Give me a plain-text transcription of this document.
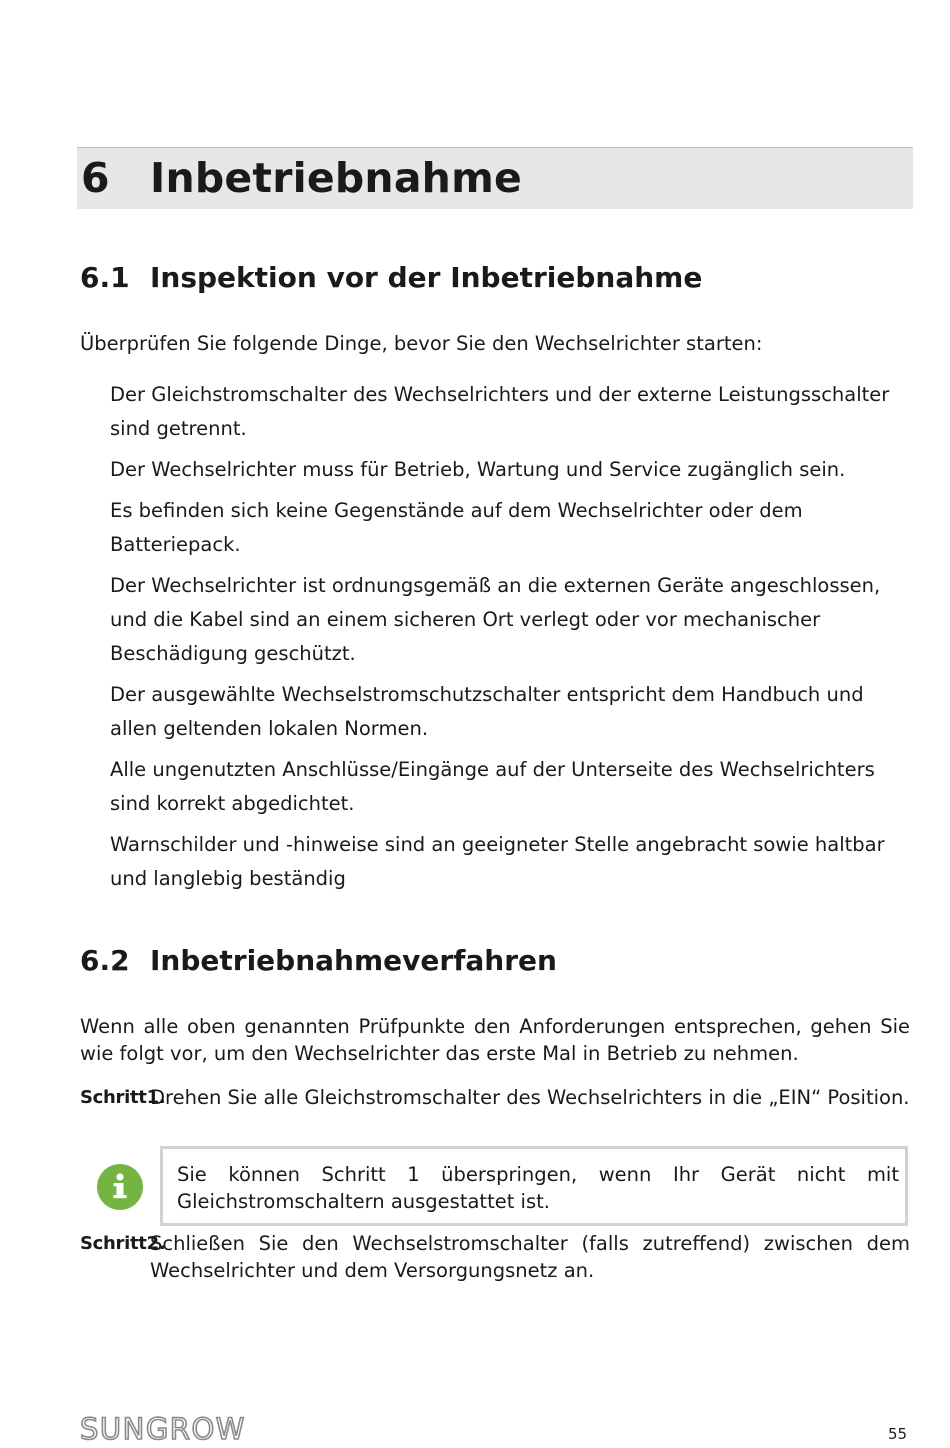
6 Inbetriebnahme
6.1 Inspektion vor der Inbetriebnahme
Überprüfen Sie folgende Dinge, bevor Sie den Wechselrichter starten:
Der Gleichstromschalter des Wechselrichters und der externe Leistungsschalter sind getrennt.
Der Wechselrichter muss für Betrieb, Wartung und Service zugänglich sein.
Es befinden sich keine Gegenstände auf dem Wechselrichter oder dem Batteriepack.
Der Wechselrichter ist ordnungsgemäß an die externen Geräte angeschlossen, und die Kabel sind an einem sicheren Ort verlegt oder vor mechanischer Beschädigung geschützt.
Der ausgewählte Wechselstromschutzschalter entspricht dem Handbuch und allen geltenden lokalen Normen.
Alle ungenutzten Anschlüsse/Eingänge auf der Unterseite des Wechselrichters sind korrekt abgedichtet.
Warnschilder und -hinweise sind an geeigneter Stelle angebracht sowie haltbar und langlebig beständig
6.2 Inbetriebnahmeverfahren
Wenn alle oben genannten Prüfpunkte den Anforderungen entsprechen, gehen Sie wie folgt vor, um den Wechselrichter das erste Mal in Betrieb zu nehmen.
Schritt1.
Drehen Sie alle Gleichstromschalter des Wechselrichters in die „EIN“ Position.
Sie können Schritt 1 überspringen, wenn Ihr Gerät nicht mit Gleichstromschaltern ausgestattet ist.
Schritt2.
Schließen Sie den Wechselstromschalter (falls zutreffend) zwischen dem Wechselrichter und dem Versorgungsnetz an.
SUNGROW	55
